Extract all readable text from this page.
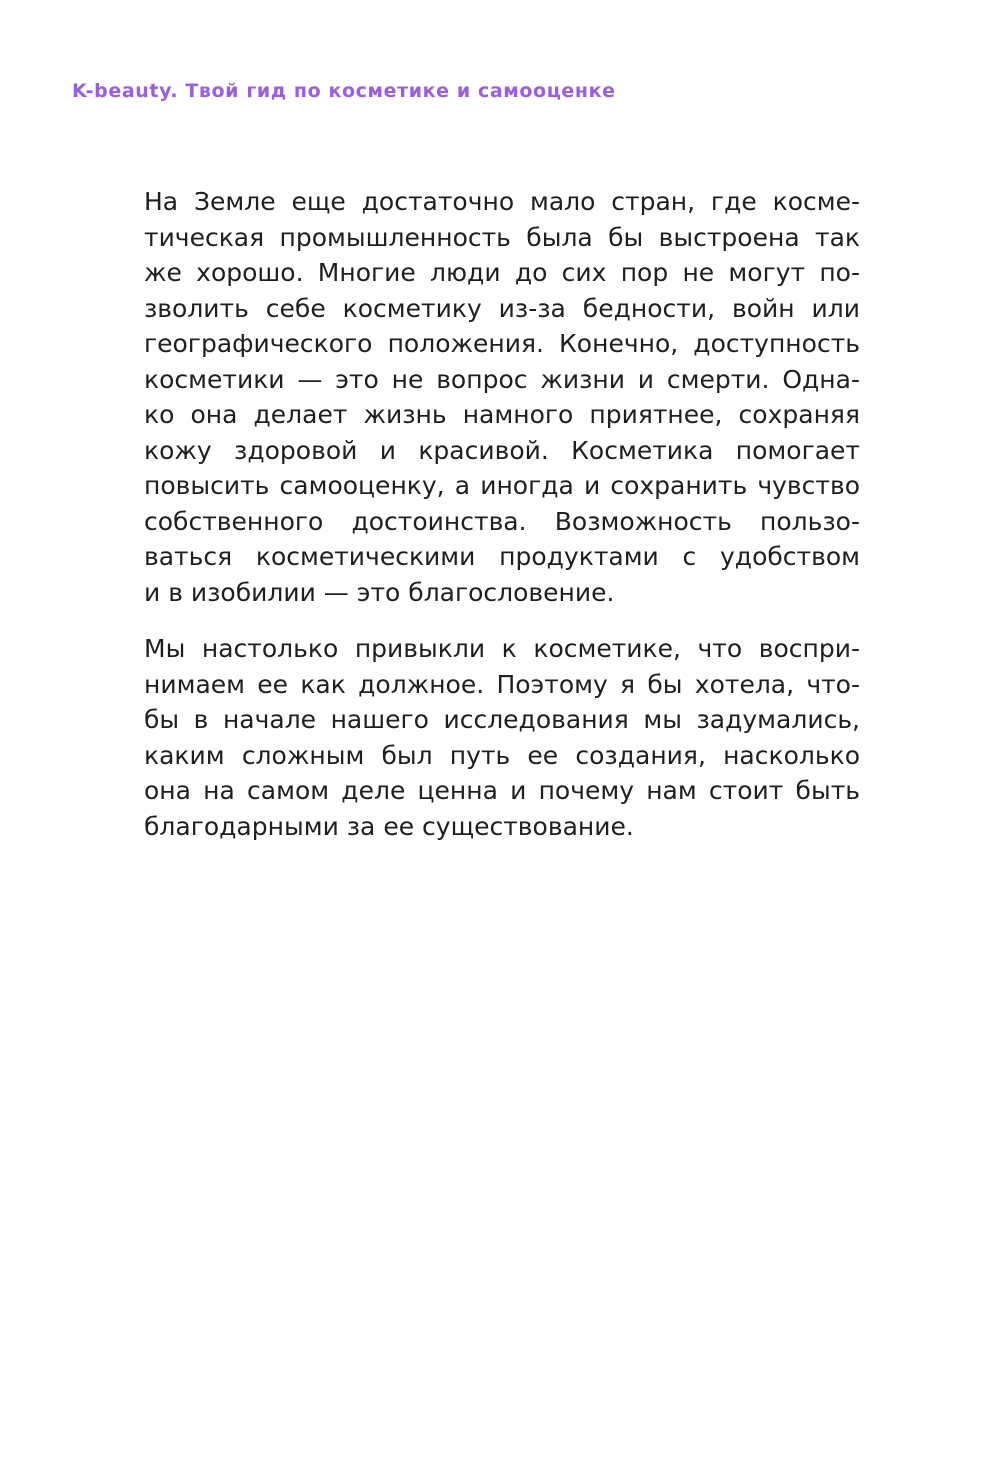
K-beauty. Твой гид по косметике и самооценке
На Земле еще достаточно мало стран, где косме-
тическая промышленность была бы выстроена так
же хорошо. Многие люди до сих пор не могут по-
зволить себе косметику из-за бедности, войн или
географического положения. Конечно, доступность
косметики — это не вопрос жизни и смерти. Одна-
ко она делает жизнь намного приятнее, сохраняя
кожу здоровой и красивой. Косметика помогает
повысить самооценку, а иногда и сохранить чувство
собственного достоинства. Возможность пользо-
ваться косметическими продуктами с удобством
и в изобилии — это благословение.
Мы настолько привыкли к косметике, что воспри-
нимаем ее как должное. Поэтому я бы хотела, что-
бы в начале нашего исследования мы задумались,
каким сложным был путь ее создания, насколько
она на самом деле ценна и почему нам стоит быть
благодарными за ее существование.
